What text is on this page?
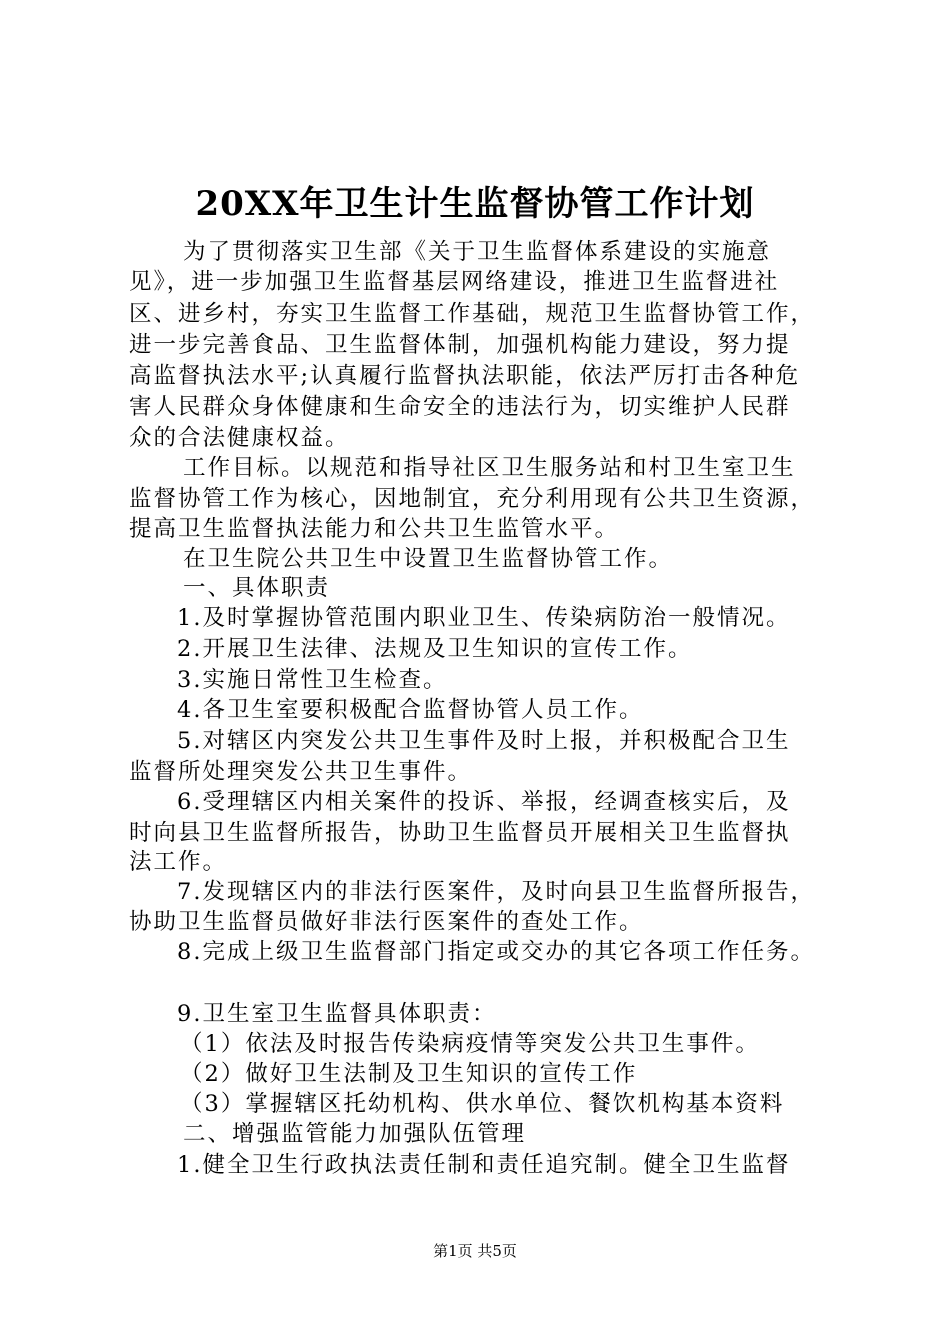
20XX年卫生计生监督协管工作计划
为了贯彻落实卫生部《关于卫生监督体系建设的实施意
见》，进一步加强卫生监督基层网络建设，推进卫生监督进社
区、进乡村，夯实卫生监督工作基础，规范卫生监督协管工作，
进一步完善食品、卫生监督体制，加强机构能力建设，努力提
高监督执法水平;认真履行监督执法职能，依法严厉打击各种危
害人民群众身体健康和生命安全的违法行为，切实维护人民群
众的合法健康权益。
工作目标。以规范和指导社区卫生服务站和村卫生室卫生
监督协管工作为核心，因地制宜，充分利用现有公共卫生资源，
提高卫生监督执法能力和公共卫生监管水平。
在卫生院公共卫生中设置卫生监督协管工作。
一、具体职责
1.及时掌握协管范围内职业卫生、传染病防治一般情况。
2.开展卫生法律、法规及卫生知识的宣传工作。
3.实施日常性卫生检查。
4.各卫生室要积极配合监督协管人员工作。
5.对辖区内突发公共卫生事件及时上报，并积极配合卫生
监督所处理突发公共卫生事件。
6.受理辖区内相关案件的投诉、举报，经调查核实后，及
时向县卫生监督所报告，协助卫生监督员开展相关卫生监督执
法工作。
7.发现辖区内的非法行医案件，及时向县卫生监督所报告，
协助卫生监督员做好非法行医案件的查处工作。
8.完成上级卫生监督部门指定或交办的其它各项工作任务。
9.卫生室卫生监督具体职责：
（1）依法及时报告传染病疫情等突发公共卫生事件。
（2）做好卫生法制及卫生知识的宣传工作
（3）掌握辖区托幼机构、供水单位、餐饮机构基本资料
二、增强监管能力加强队伍管理
1.健全卫生行政执法责任制和责任追究制。健全卫生监督
第1页 共5页
